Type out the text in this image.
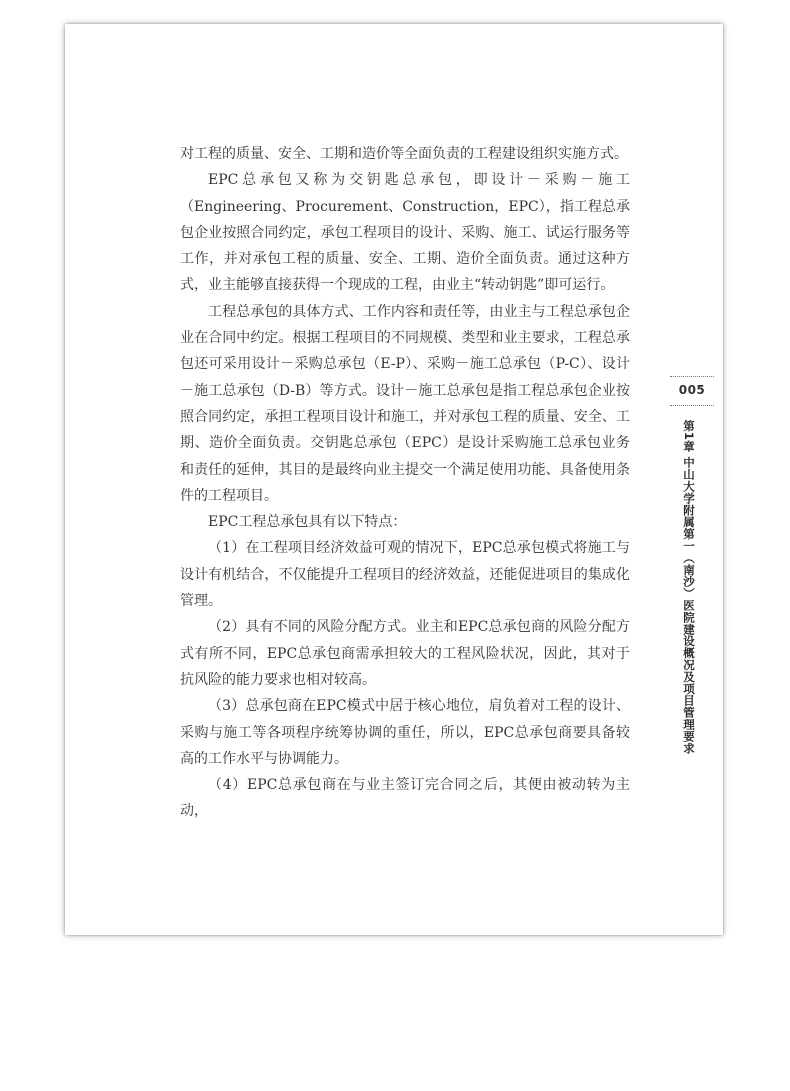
对工程的质量、安全、工期和造价等全面负责的工程建设组织实施方式。

EPC总承包又称为交钥匙总承包，即设计－采购－施工（Engineering、Procurement、Construction，EPC），指工程总承包企业按照合同约定，承包工程项目的设计、采购、施工、试运行服务等工作，并对承包工程的质量、安全、工期、造价全面负责。通过这种方式，业主能够直接获得一个现成的工程，由业主“转动钥匙”即可运行。

工程总承包的具体方式、工作内容和责任等，由业主与工程总承包企业在合同中约定。根据工程项目的不同规模、类型和业主要求，工程总承包还可采用设计－采购总承包（E-P）、采购－施工总承包（P-C）、设计－施工总承包（D-B）等方式。设计－施工总承包是指工程总承包企业按照合同约定，承担工程项目设计和施工，并对承包工程的质量、安全、工期、造价全面负责。交钥匙总承包（EPC）是设计采购施工总承包业务和责任的延伸，其目的是最终向业主提交一个满足使用功能、具备使用条件的工程项目。

EPC工程总承包具有以下特点：

（1）在工程项目经济效益可观的情况下，EPC总承包模式将施工与设计有机结合，不仅能提升工程项目的经济效益，还能促进项目的集成化管理。

（2）具有不同的风险分配方式。业主和EPC总承包商的风险分配方式有所不同，EPC总承包商需承担较大的工程风险状况，因此，其对于抗风险的能力要求也相对较高。

（3）总承包商在EPC模式中居于核心地位，肩负着对工程的设计、采购与施工等各项程序统筹协调的重任，所以，EPC总承包商要具备较高的工作水平与协调能力。

（4）EPC总承包商在与业主签订完合同之后，其便由被动转为主动，

005
第1章 中山大学附属第一（南沙）医院建设概况及项目管理要求
